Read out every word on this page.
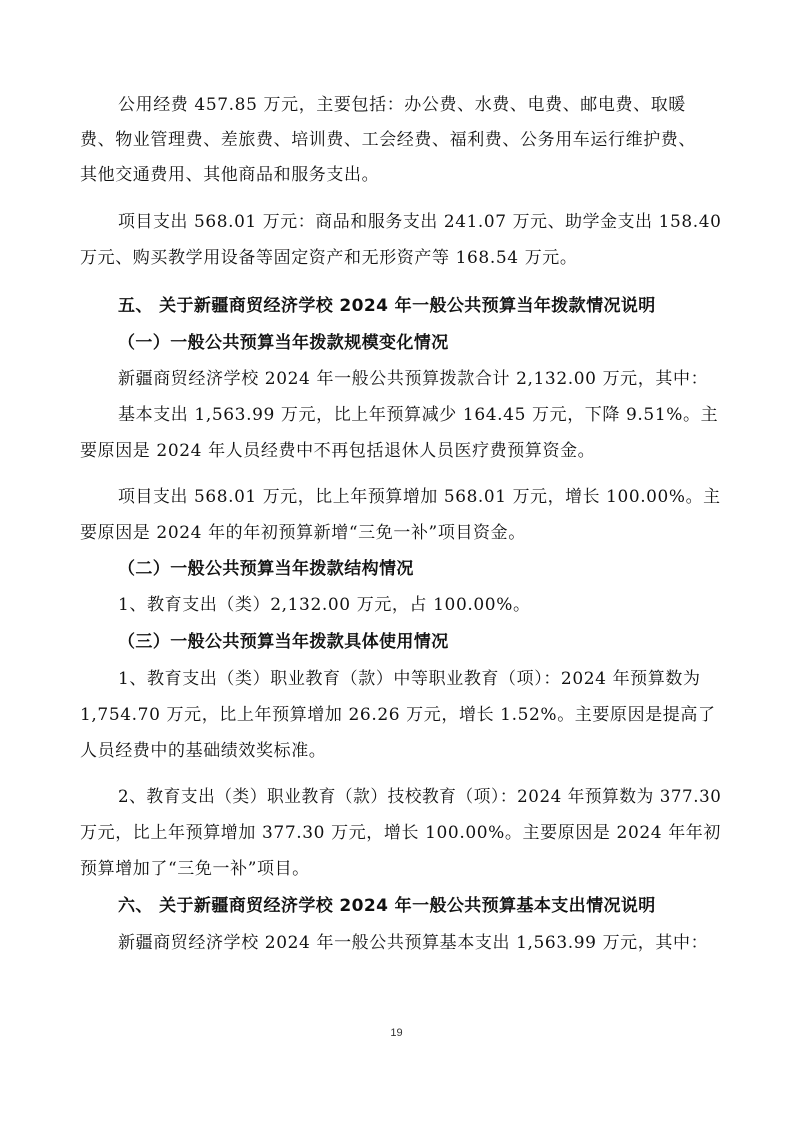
公用经费 457.85 万元，主要包括：办公费、水费、电费、邮电费、取暖
费、物业管理费、差旅费、培训费、工会经费、福利费、公务用车运行维护费、
其他交通费用、其他商品和服务支出。
项目支出 568.01 万元：商品和服务支出 241.07 万元、助学金支出 158.40
万元、购买教学用设备等固定资产和无形资产等 168.54 万元。
五、 关于新疆商贸经济学校 2024 年一般公共预算当年拨款情况说明
（一）一般公共预算当年拨款规模变化情况
新疆商贸经济学校 2024 年一般公共预算拨款合计 2,132.00 万元，其中：
基本支出 1,563.99 万元，比上年预算减少 164.45 万元，下降 9.51%。主
要原因是 2024 年人员经费中不再包括退休人员医疗费预算资金。
项目支出 568.01 万元，比上年预算增加 568.01 万元，增长 100.00%。主
要原因是 2024 年的年初预算新增“三免一补”项目资金。
（二）一般公共预算当年拨款结构情况
1、教育支出（类）2,132.00 万元，占 100.00%。
（三）一般公共预算当年拨款具体使用情况
1、教育支出（类）职业教育（款）中等职业教育（项）：2024 年预算数为
1,754.70 万元，比上年预算增加 26.26 万元，增长 1.52%。主要原因是提高了
人员经费中的基础绩效奖标准。
2、教育支出（类）职业教育（款）技校教育（项）：2024 年预算数为 377.30
万元，比上年预算增加 377.30 万元，增长 100.00%。主要原因是 2024 年年初
预算增加了“三免一补”项目。
六、 关于新疆商贸经济学校 2024 年一般公共预算基本支出情况说明
新疆商贸经济学校 2024 年一般公共预算基本支出 1,563.99 万元，其中：
19
